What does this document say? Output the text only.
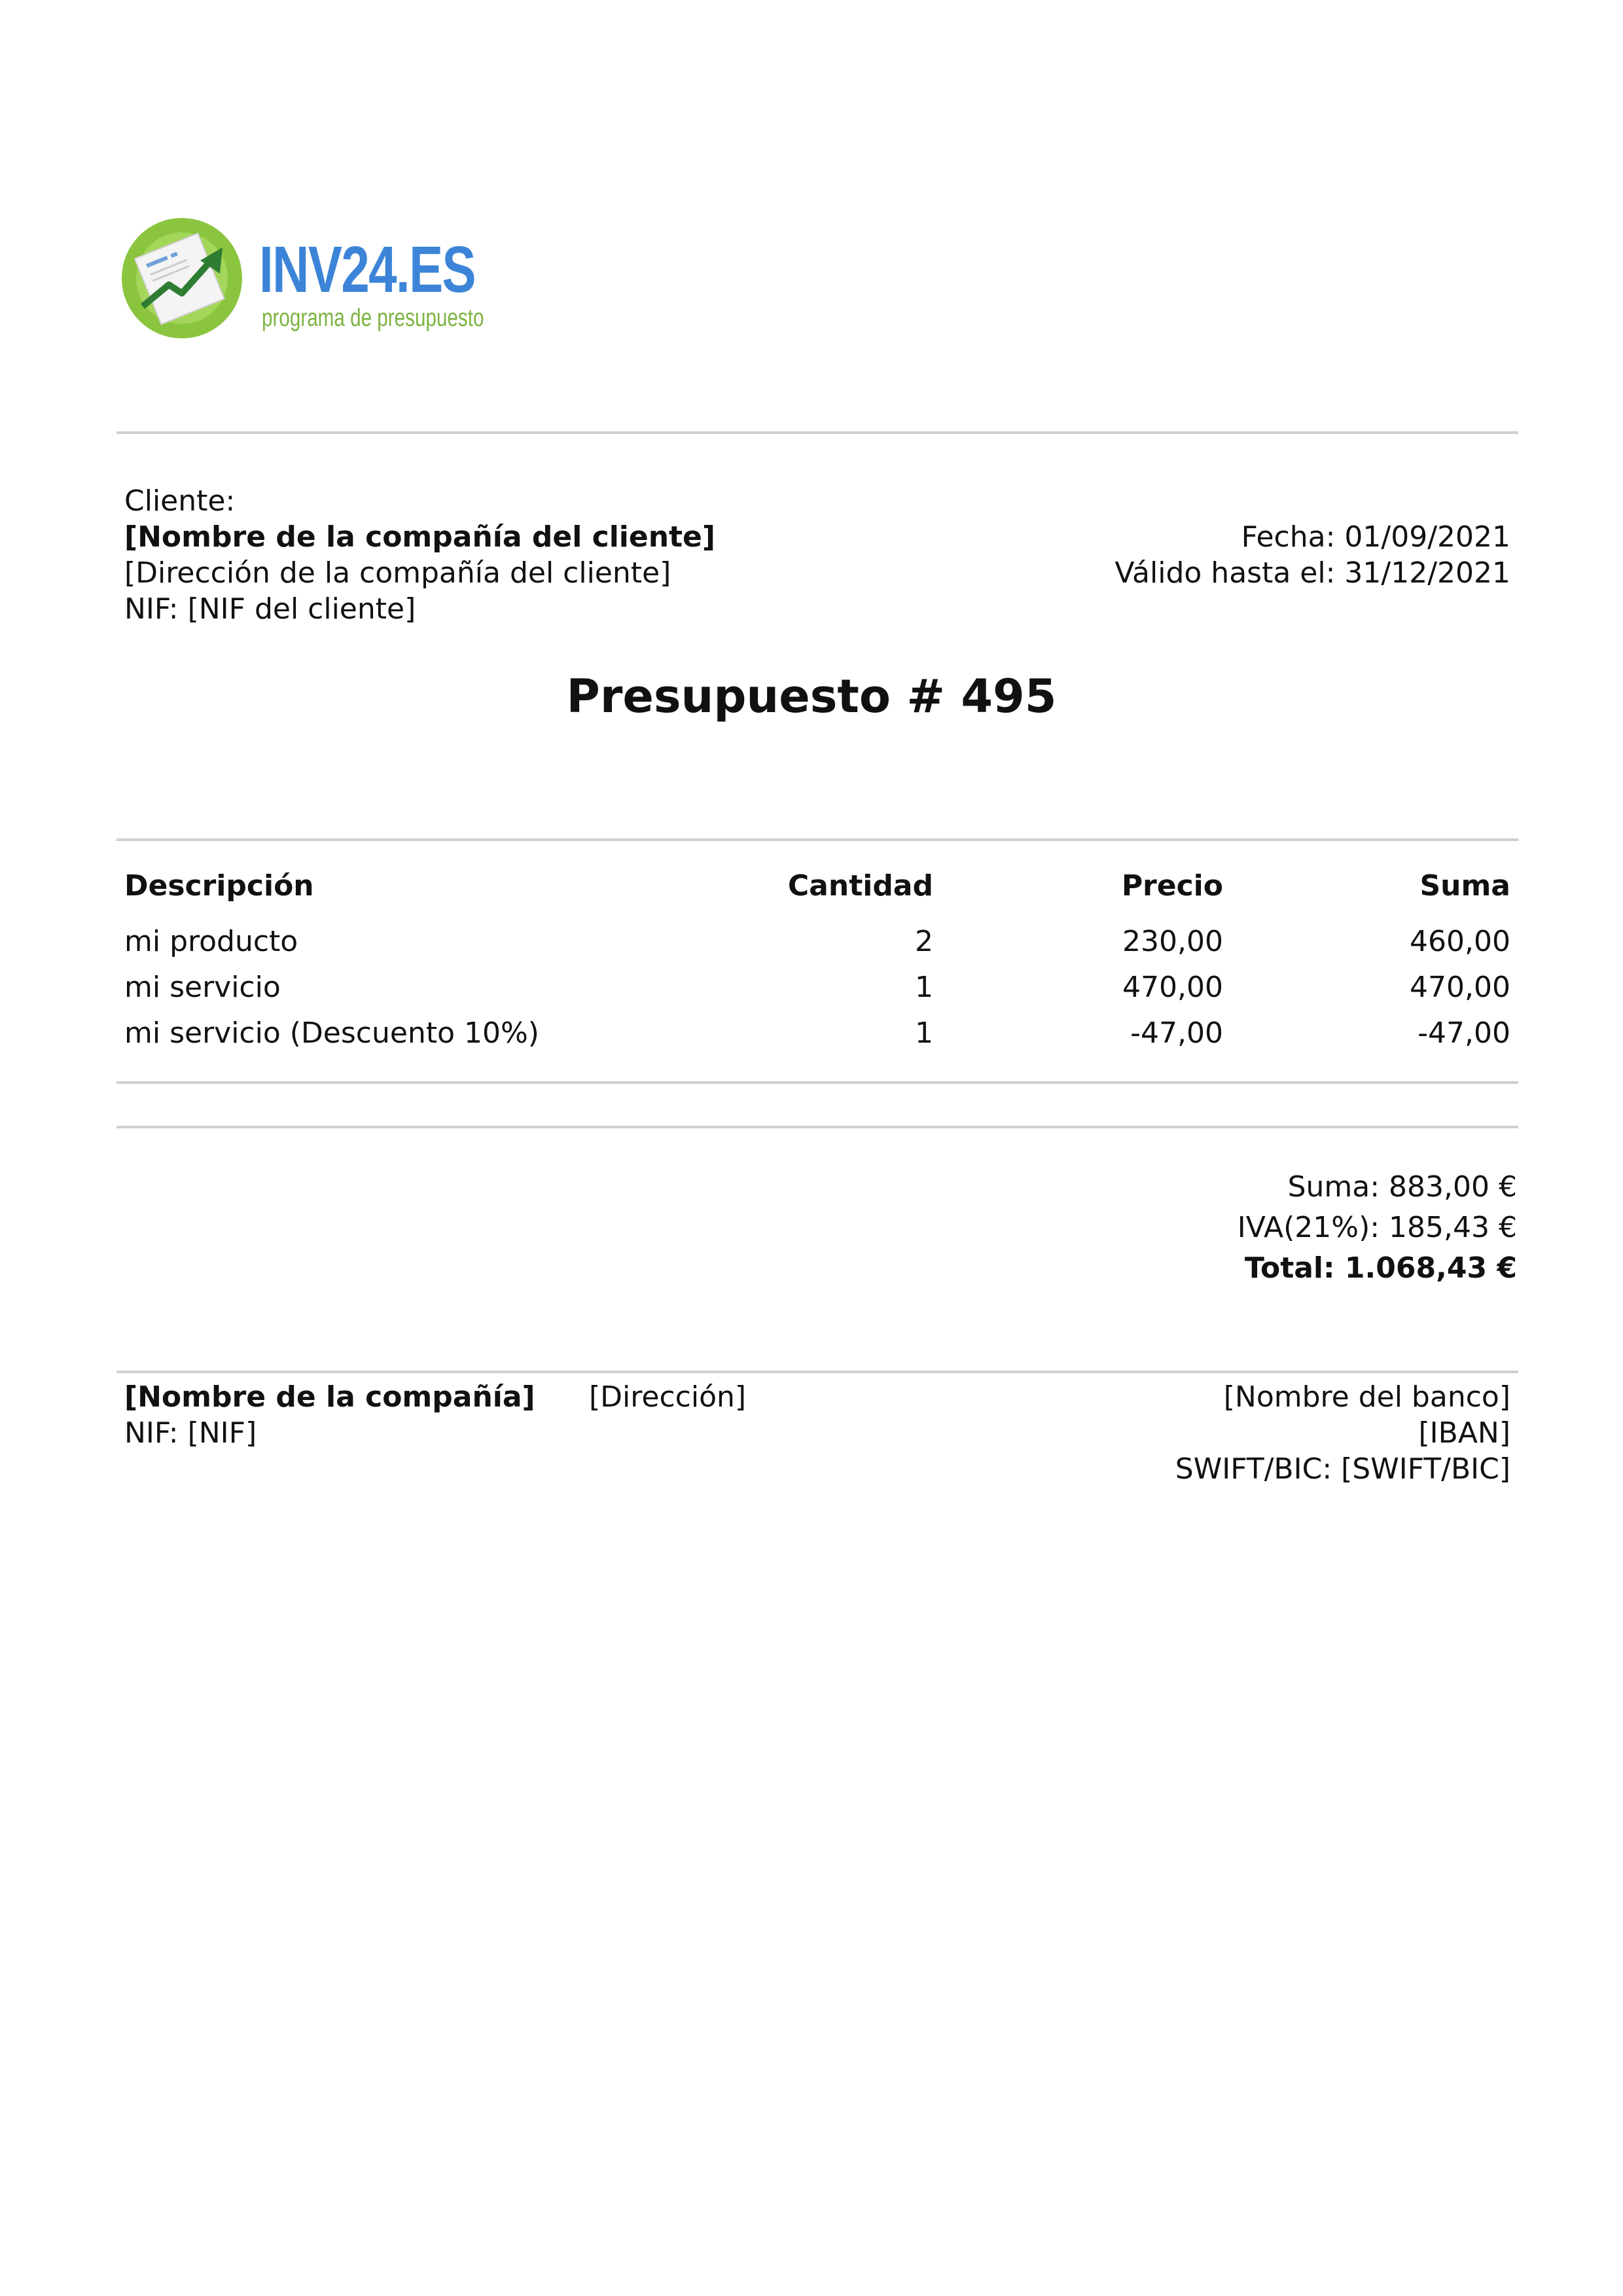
INV24.ES
programa de presupuesto
Cliente:
[Nombre de la compañía del cliente]
[Dirección de la compañía del cliente]
NIF: [NIF del cliente]
Fecha: 01/09/2021
Válido hasta el: 31/12/2021
Presupuesto # 495
Descripción	Cantidad	Precio	Suma
mi producto	2	230,00	460,00
mi servicio	1	470,00	470,00
mi servicio (Descuento 10%)	1	-47,00	-47,00
Suma: 883,00 €
IVA(21%): 185,43 €
Total: 1.068,43 €
[Nombre de la compañía]
NIF: [NIF]
[Dirección]	[Nombre del banco]
[IBAN]
SWIFT/BIC: [SWIFT/BIC]
